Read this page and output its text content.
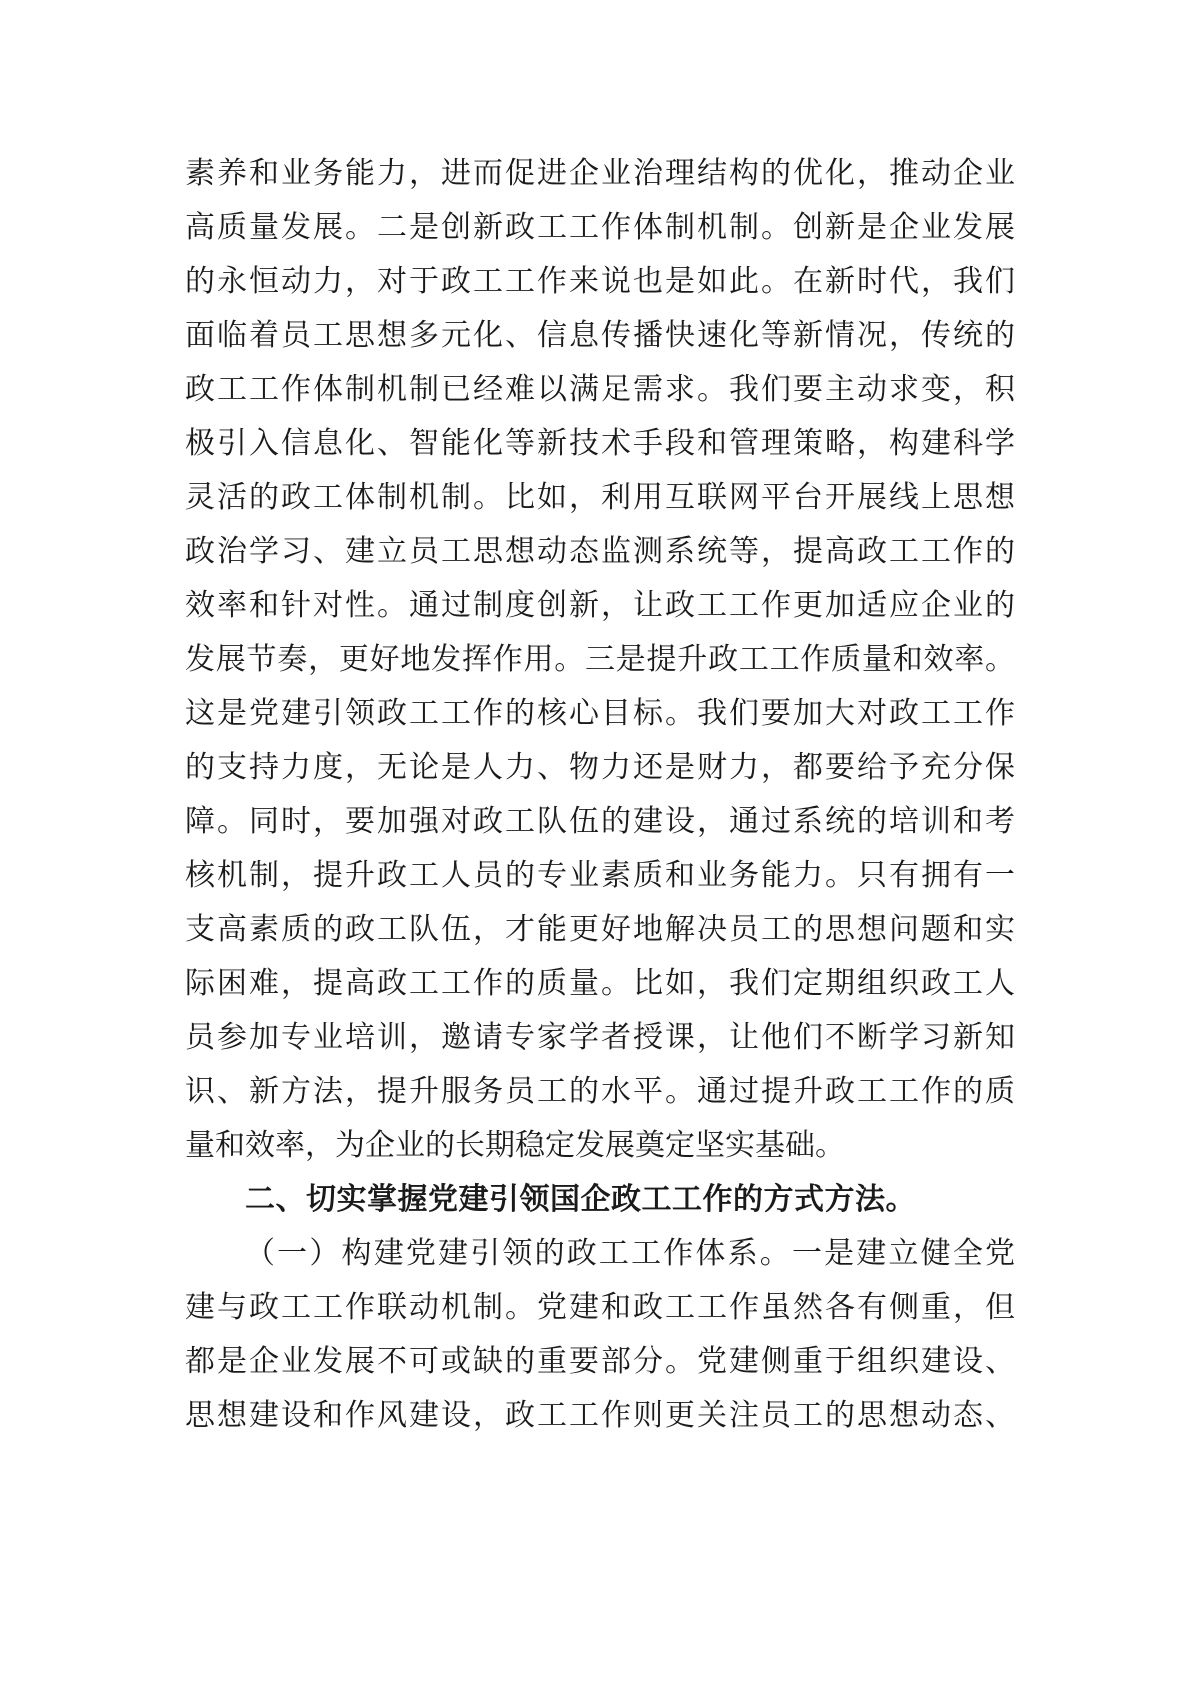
素养和业务能力，进而促进企业治理结构的优化，推动企业
高质量发展。二是创新政工工作体制机制。创新是企业发展
的永恒动力，对于政工工作来说也是如此。在新时代，我们
面临着员工思想多元化、信息传播快速化等新情况，传统的
政工工作体制机制已经难以满足需求。我们要主动求变，积
极引入信息化、智能化等新技术手段和管理策略，构建科学
灵活的政工体制机制。比如，利用互联网平台开展线上思想
政治学习、建立员工思想动态监测系统等，提高政工工作的
效率和针对性。通过制度创新，让政工工作更加适应企业的
发展节奏，更好地发挥作用。三是提升政工工作质量和效率。
这是党建引领政工工作的核心目标。我们要加大对政工工作
的支持力度，无论是人力、物力还是财力，都要给予充分保
障。同时，要加强对政工队伍的建设，通过系统的培训和考
核机制，提升政工人员的专业素质和业务能力。只有拥有一
支高素质的政工队伍，才能更好地解决员工的思想问题和实
际困难，提高政工工作的质量。比如，我们定期组织政工人
员参加专业培训，邀请专家学者授课，让他们不断学习新知
识、新方法，提升服务员工的水平。通过提升政工工作的质
量和效率，为企业的长期稳定发展奠定坚实基础。
二、切实掌握党建引领国企政工工作的方式方法。
（一）构建党建引领的政工工作体系。一是建立健全党
建与政工工作联动机制。党建和政工工作虽然各有侧重，但
都是企业发展不可或缺的重要部分。党建侧重于组织建设、
思想建设和作风建设，政工工作则更关注员工的思想动态、
